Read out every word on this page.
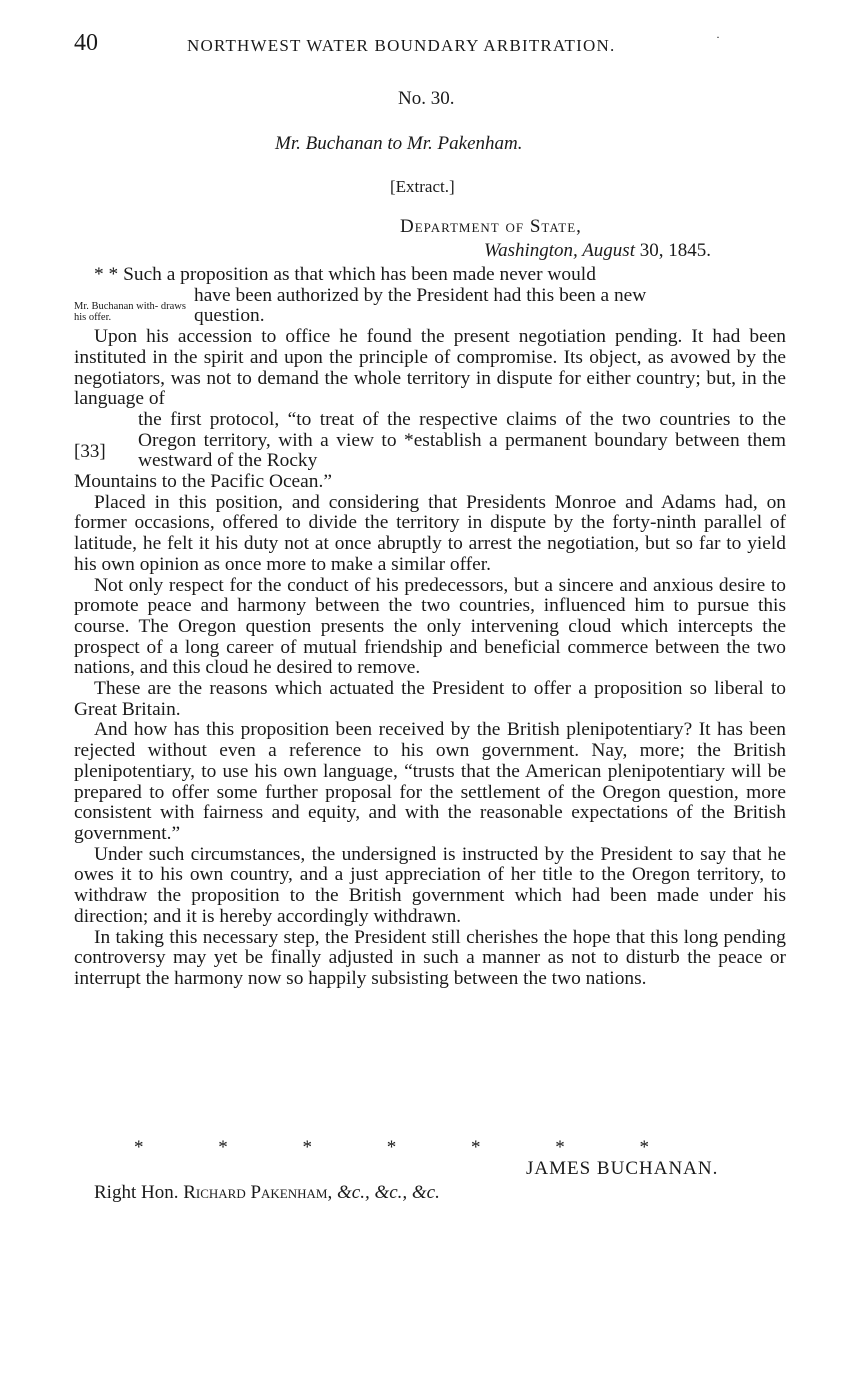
40	NORTHWEST WATER BOUNDARY ARBITRATION.	·
No. 30.
Mr. Buchanan to Mr. Pakenham.
[Extract.]
Department of State,
Washington, August 30, 1845.
Mr. Buchanan with- draws his offer.
[33]

* * Such a proposition as that which has been made never would

have been authorized by the President had this been a new
question.

Upon his accession to office he found the present negotiation pending. It had been instituted in the spirit and upon the principle of compromise. Its object, as avowed by the negotiators, was not to demand the whole territory in dispute for either country; but, in the language of
the first protocol, “to treat of the respective claims of the two countries to the Oregon territory, with a view to *establish a permanent boundary between them westward of the Rocky
Mountains to the Pacific Ocean.”

Placed in this position, and considering that Presidents Monroe and Adams had, on former occasions, offered to divide the territory in dispute by the forty-ninth parallel of latitude, he felt it his duty not at once abruptly to arrest the negotiation, but so far to yield his own opinion as once more to make a similar offer.

Not only respect for the conduct of his predecessors, but a sincere and anxious desire to promote peace and harmony between the two countries, influenced him to pursue this course. The Oregon question presents the only intervening cloud which intercepts the prospect of a long career of mutual friendship and beneficial commerce between the two nations, and this cloud he desired to remove.

These are the reasons which actuated the President to offer a proposition so liberal to Great Britain.

And how has this proposition been received by the British plenipotentiary? It has been rejected without even a reference to his own government. Nay, more; the British plenipotentiary, to use his own language, “trusts that the American plenipotentiary will be prepared to offer some further proposal for the settlement of the Oregon question, more consistent with fairness and equity, and with the reasonable expectations of the British government.”

Under such circumstances, the undersigned is instructed by the President to say that he owes it to his own country, and a just appreciation of her title to the Oregon territory, to withdraw the proposition to the British government which had been made under his direction; and it is hereby accordingly withdrawn.

In taking this necessary step, the President still cherishes the hope that this long pending controversy may yet be finally adjusted in such a manner as not to disturb the peace or interrupt the harmony now so happily subsisting between the two nations.

* * * * * * *
JAMES BUCHANAN.
Right Hon. Richard Pakenham, &c., &c., &c.
